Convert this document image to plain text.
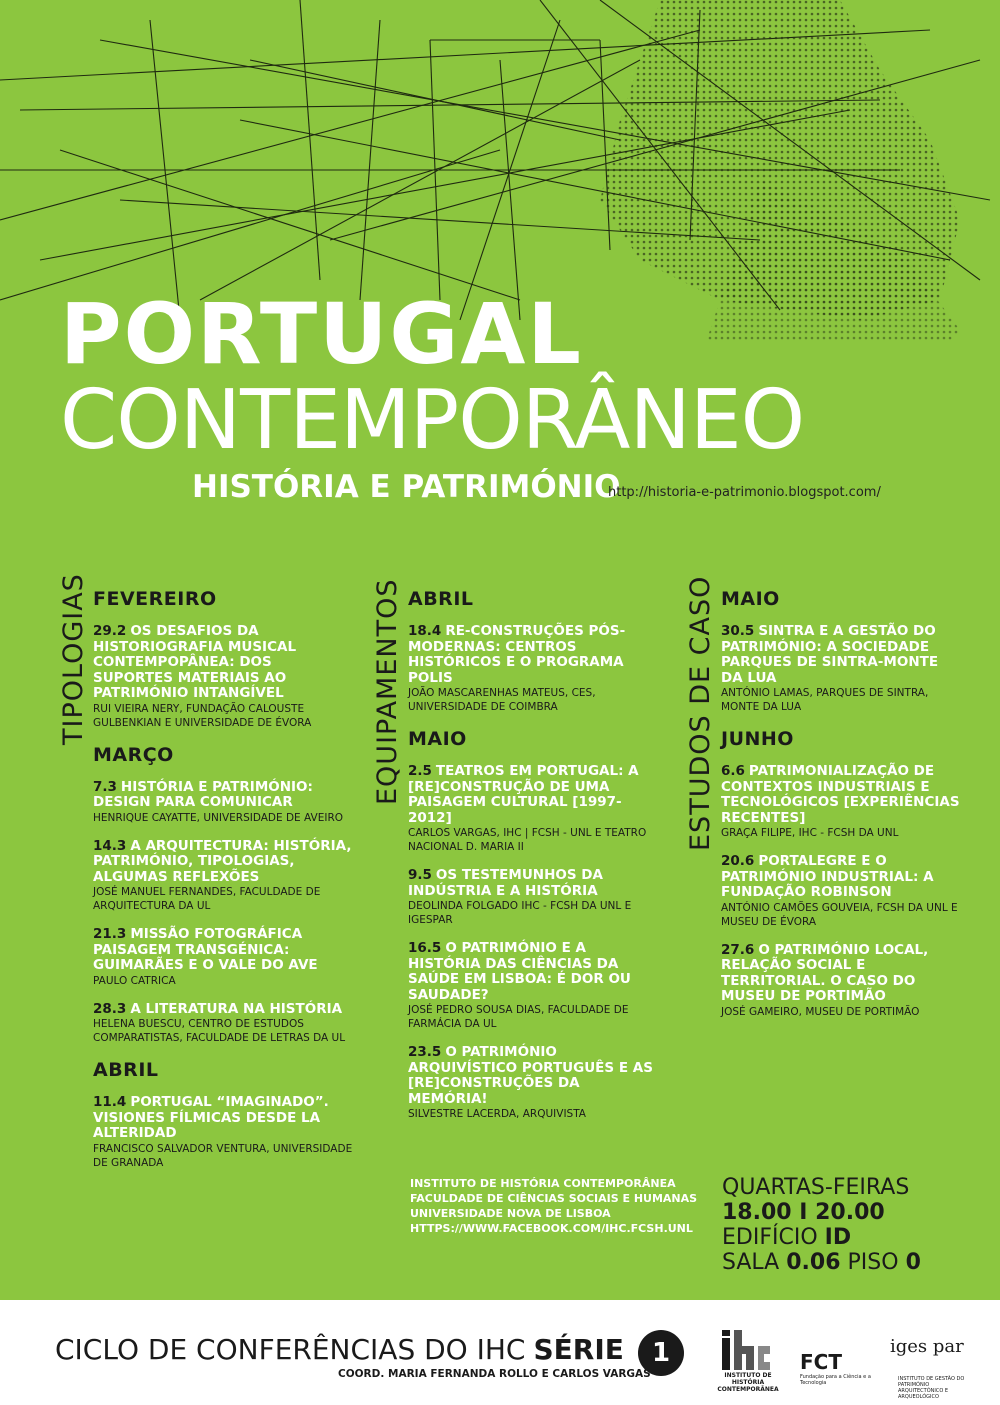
PORTUGAL
CONTEMPORÂNEO
HISTÓRIA E PATRIMÓNIO
http://historia-e-patrimonio.blogspot.com/
TIPOLOGIAS	EQUIPAMENTOS	ESTUDOS DE CASO
FEVEREIRO
29.2 OS DESAFIOS DA HISTORIOGRAFIA MUSICAL CONTEMPOPÂNEA: DOS SUPORTES MATERIAIS AO PATRIMÓNIO INTANGÍVEL
RUI VIEIRA NERY, FUNDAÇÃO CALOUSTE GULBENKIAN E UNIVERSIDADE DE ÉVORA
MARÇO
7.3 HISTÓRIA E PATRIMÓNIO: DESIGN PARA COMUNICAR
HENRIQUE CAYATTE, UNIVERSIDADE DE AVEIRO
14.3 A ARQUITECTURA: HISTÓRIA, PATRIMÓNIO, TIPOLOGIAS, ALGUMAS REFLEXÕES
JOSÉ MANUEL FERNANDES, FACULDADE DE ARQUITECTURA DA UL
21.3 MISSÃO FOTOGRÁFICA PAISAGEM TRANSGÉNICA: GUIMARÃES E O VALE DO AVE
PAULO CATRICA
28.3 A LITERATURA NA HISTÓRIA
HELENA BUESCU, CENTRO DE ESTUDOS COMPARATISTAS, FACULDADE DE LETRAS DA UL
ABRIL
11.4 PORTUGAL “IMAGINADO”. VISIONES FÍLMICAS DESDE LA ALTERIDAD
FRANCISCO SALVADOR VENTURA, UNIVERSIDADE DE GRANADA
ABRIL
18.4 RE-CONSTRUÇÕES PÓS-MODERNAS: CENTROS HISTÓRICOS E O PROGRAMA POLIS
JOÃO MASCARENHAS MATEUS, CES, UNIVERSIDADE DE COIMBRA
MAIO
2.5 TEATROS EM PORTUGAL: A [RE]CONSTRUÇÃO DE UMA PAISAGEM CULTURAL [1997-2012]
CARLOS VARGAS, IHC | FCSH - UNL E TEATRO NACIONAL D. MARIA II
9.5 OS TESTEMUNHOS DA INDÚSTRIA E A HISTÓRIA
DEOLINDA FOLGADO IHC - FCSH DA UNL E IGESPAR
16.5 O PATRIMÓNIO E A HISTÓRIA DAS CIÊNCIAS DA SAÚDE EM LISBOA: É DOR OU SAUDADE?
JOSÉ PEDRO SOUSA DIAS, FACULDADE DE FARMÁCIA DA UL
23.5 O PATRIMÓNIO ARQUIVÍSTICO PORTUGUÊS E AS [RE]CONSTRUÇÕES DA MEMÓRIA!
SILVESTRE LACERDA, ARQUIVISTA
MAIO
30.5 SINTRA E A GESTÃO DO PATRIMÓNIO: A SOCIEDADE PARQUES DE SINTRA-MONTE DA LUA
ANTÓNIO LAMAS, PARQUES DE SINTRA, MONTE DA LUA
JUNHO
6.6 PATRIMONIALIZAÇÃO DE CONTEXTOS INDUSTRIAIS E TECNOLÓGICOS [EXPERIÊNCIAS RECENTES]
GRAÇA FILIPE, IHC - FCSH DA UNL
20.6 PORTALEGRE E O PATRIMÓNIO INDUSTRIAL: A FUNDAÇÃO ROBINSON
ANTÓNIO CAMÕES GOUVEIA, FCSH DA UNL E MUSEU DE ÉVORA
27.6 O PATRIMÓNIO LOCAL, RELAÇÃO SOCIAL E TERRITORIAL. O CASO DO MUSEU DE PORTIMÃO
JOSÉ GAMEIRO, MUSEU DE PORTIMÃO
INSTITUTO DE HISTÓRIA CONTEMPORÂNEA
FACULDADE DE CIÊNCIAS SOCIAIS E HUMANAS
UNIVERSIDADE NOVA DE LISBOA
HTTPS://WWW.FACEBOOK.COM/IHC.FCSH.UNL
QUARTAS-FEIRAS
18.00 I 20.00
EDIFÍCIO ID
SALA 0.06 PISO 0
CICLO DE CONFERÊNCIAS DO IHC SÉRIE	1
COORD. MARIA FERNANDA ROLLO E CARLOS VARGAS	INSTITUTO DE HISTÓRIA CONTEMPORÂNEA
FCT
Fundação para a Ciência e a Tecnologia
iges par
INSTITUTO DE GESTÃO DO PATRIMÓNIO ARQUITECTÓNICO E ARQUEOLÓGICO
